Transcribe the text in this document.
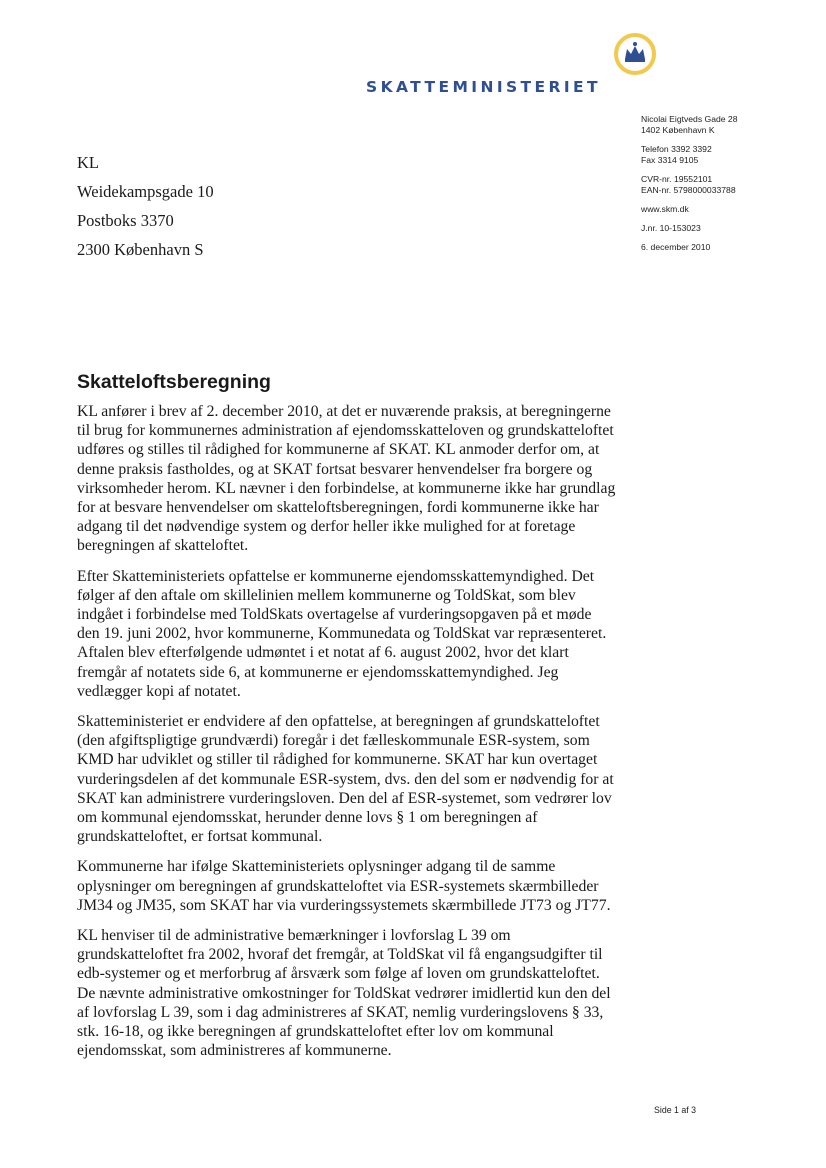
SKATTEMINISTERIET
Nicolai Eigtveds Gade 28
1402 København K
Telefon 3392 3392
Fax 3314 9105
CVR-nr. 19552101
EAN-nr. 5798000033788
www.skm.dk
J.nr. 10-153023
6. december 2010
KL
Weidekampsgade 10
Postboks 3370
2300 København S
Skatteloftsberegning

KL anfører i brev af 2. december 2010, at det er nuværende praksis, at beregningerne til brug for kommunernes administration af ejendomsskatteloven og grundskatteloftet udføres og stilles til rådighed for kommunerne af SKAT. KL anmoder derfor om, at denne praksis fastholdes, og at SKAT fortsat besvarer henvendelser fra borgere og virksomheder herom. KL nævner i den forbindelse, at kommunerne ikke har grundlag for at besvare henvendelser om skatteloftsberegningen, fordi kommunerne ikke har adgang til det nødvendige system og derfor heller ikke mulighed for at foretage beregningen af skatteloftet.

Efter Skatteministeriets opfattelse er kommunerne ejendomsskattemyndighed. Det følger af den aftale om skillelinien mellem kommunerne og ToldSkat, som blev indgået i forbindelse med ToldSkats overtagelse af vurderingsopgaven på et møde den 19. juni 2002, hvor kommunerne, Kommunedata og ToldSkat var repræsenteret. Aftalen blev efterfølgende udmøntet i et notat af 6. august 2002, hvor det klart fremgår af notatets side 6, at kommunerne er ejendomsskattemyndighed. Jeg vedlægger kopi af notatet.

Skatteministeriet er endvidere af den opfattelse, at beregningen af grundskatteloftet (den afgiftspligtige grundværdi) foregår i det fælleskommunale ESR-system, som KMD har udviklet og stiller til rådighed for kommunerne. SKAT har kun overtaget vurderingsdelen af det kommunale ESR-system, dvs. den del som er nødvendig for at SKAT kan administrere vurderingsloven. Den del af ESR-systemet, som vedrører lov om kommunal ejendomsskat, herunder denne lovs § 1 om beregningen af grundskatteloftet, er fortsat kommunal.

Kommunerne har ifølge Skatteministeriets oplysninger adgang til de samme oplysninger om beregningen af grundskatteloftet via ESR-systemets skærmbilleder JM34 og JM35, som SKAT har via vurderingssystemets skærmbillede JT73 og JT77.

KL henviser til de administrative bemærkninger i lovforslag L 39 om grundskatteloftet fra 2002, hvoraf det fremgår, at ToldSkat vil få engangsudgifter til edb-systemer og et merforbrug af årsværk som følge af loven om grundskatteloftet. De nævnte administrative omkostninger for ToldSkat vedrører imidlertid kun den del af lovforslag L 39, som i dag administreres af SKAT, nemlig vurderingslovens § 33, stk. 16-18, og ikke beregningen af grundskatteloftet efter lov om kommunal ejendomsskat, som administreres af kommunerne.

Side 1 af 3
